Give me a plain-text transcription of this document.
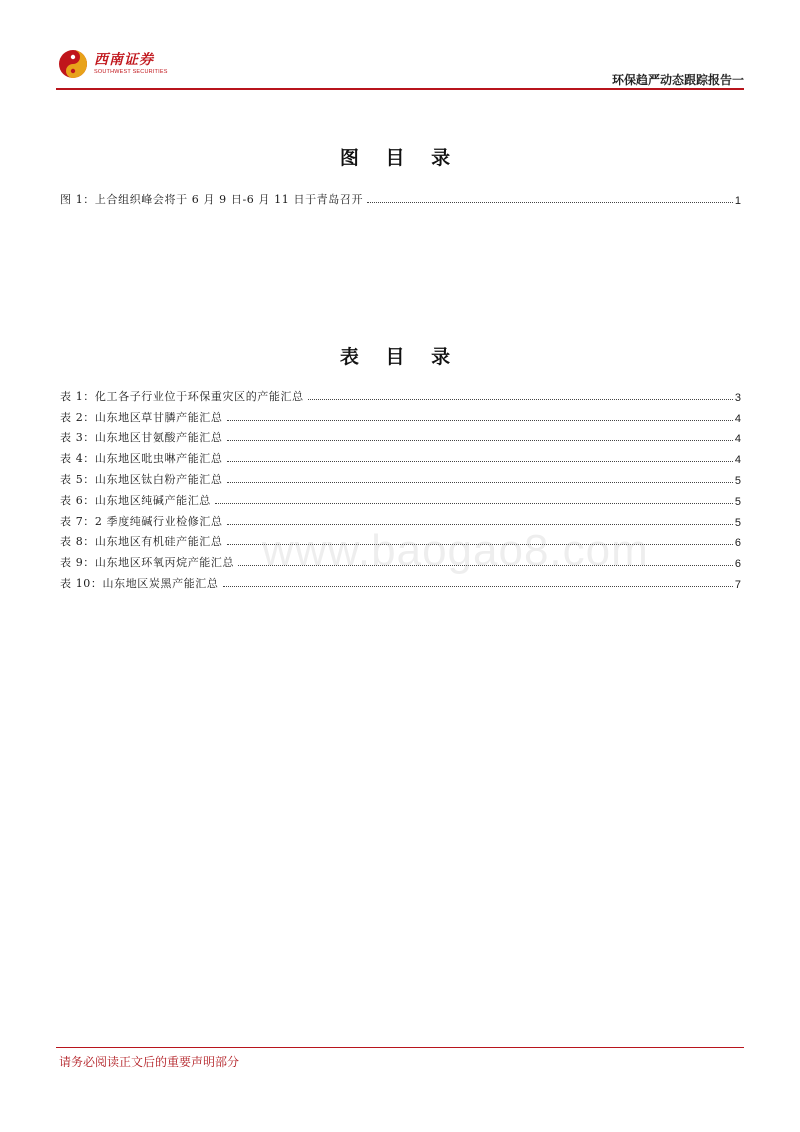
西南证券
SOUTHWEST SECURITIES
环保趋严动态跟踪报告一
图 目 录
图 1：上合组织峰会将于 6 月 9 日-6 月 11 日于青岛召开	1
表 目 录
表 1：化工各子行业位于环保重灾区的产能汇总	3
表 2：山东地区草甘膦产能汇总	4
表 3：山东地区甘氨酸产能汇总	4
表 4：山东地区吡虫啉产能汇总	4
表 5：山东地区钛白粉产能汇总	5
表 6：山东地区纯碱产能汇总	5
表 7：2 季度纯碱行业检修汇总	5
表 8：山东地区有机硅产能汇总	6
表 9：山东地区环氧丙烷产能汇总	6
表 10：山东地区炭黑产能汇总	7
www.baogao8.com
请务必阅读正文后的重要声明部分
